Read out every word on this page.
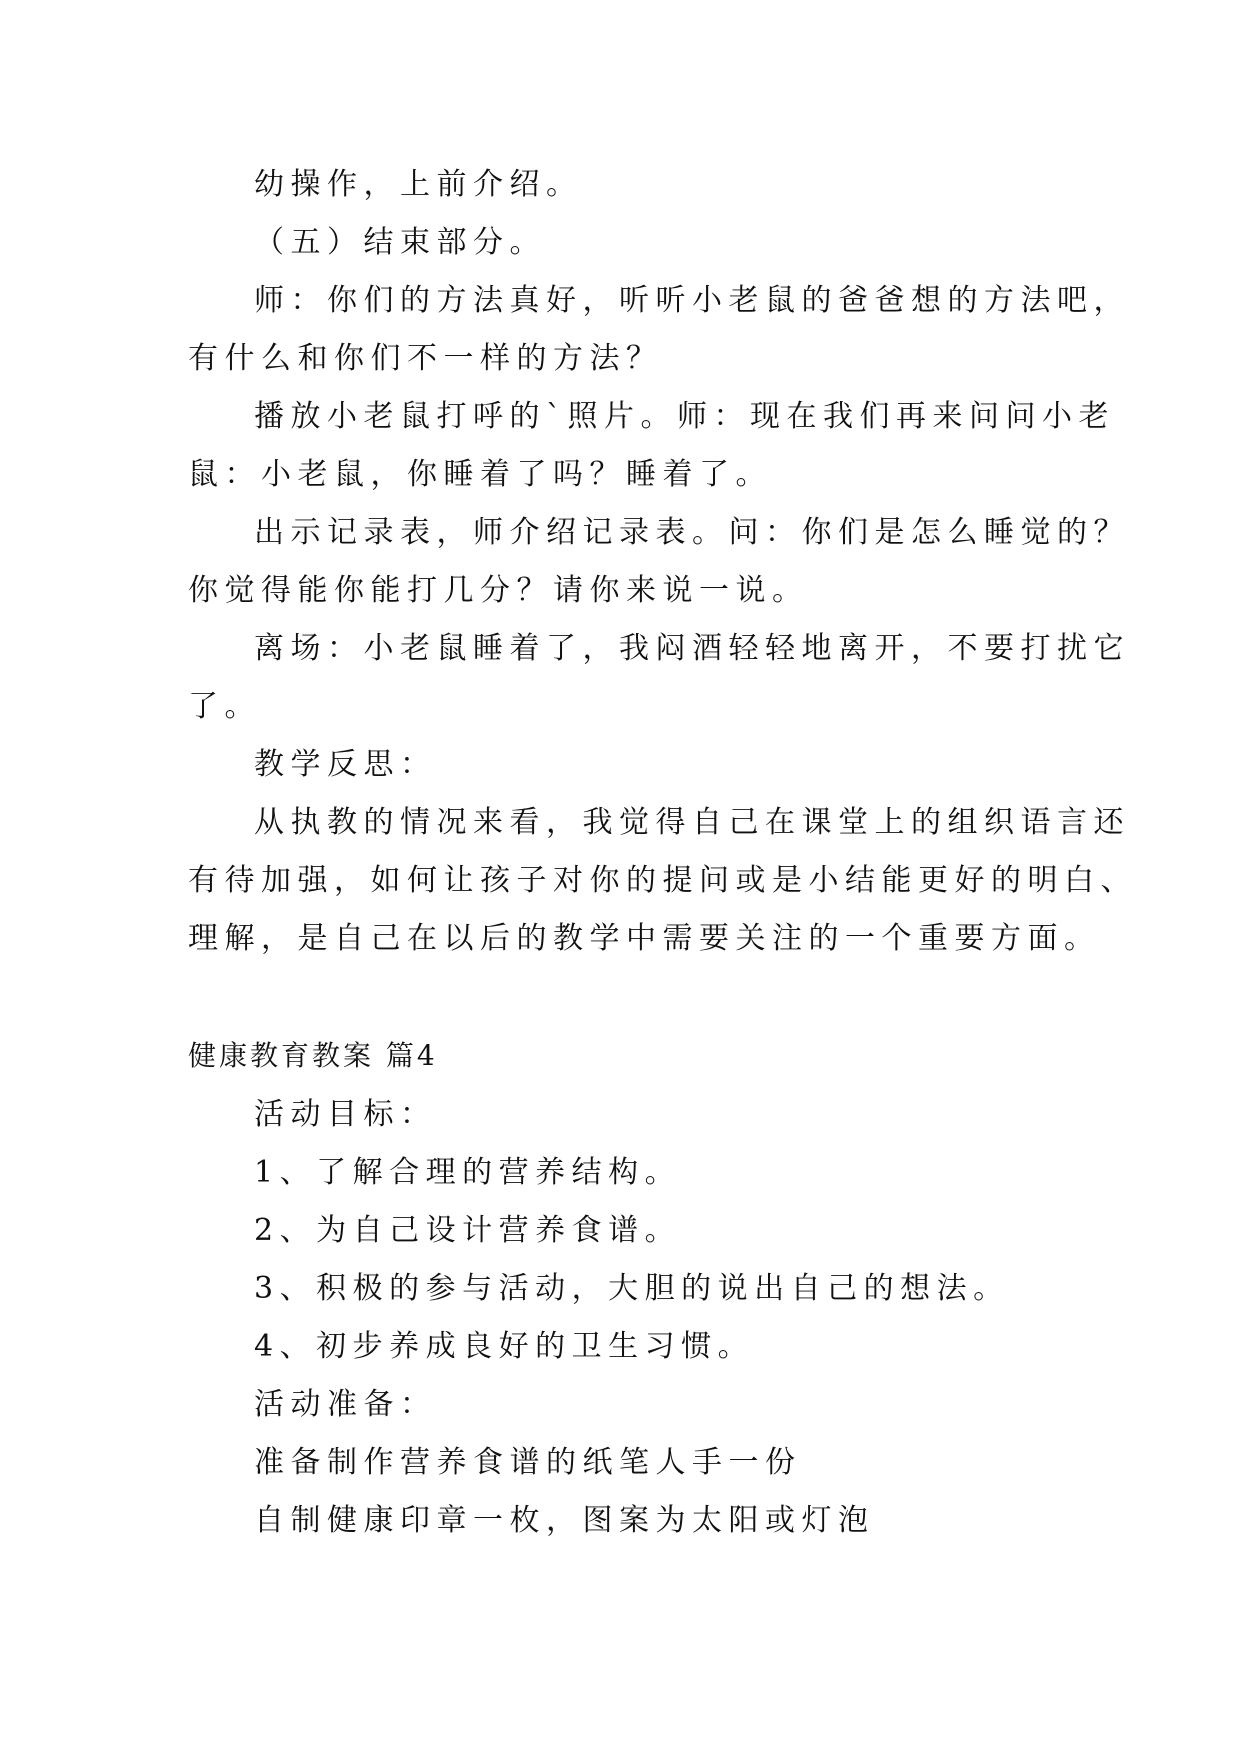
幼操作，上前介绍。
（五）结束部分。
师：你们的方法真好，听听小老鼠的爸爸想的方法吧，
有什么和你们不一样的方法？
播放小老鼠打呼的`照片。师：现在我们再来问问小老
鼠：小老鼠，你睡着了吗？睡着了。
出示记录表，师介绍记录表。问：你们是怎么睡觉的？
你觉得能你能打几分？请你来说一说。
离场：小老鼠睡着了，我闷酒轻轻地离开，不要打扰它
了。
教学反思：
从执教的情况来看，我觉得自己在课堂上的组织语言还
有待加强，如何让孩子对你的提问或是小结能更好的明白、
理解，是自己在以后的教学中需要关注的一个重要方面。
健康教育教案 篇4
活动目标：
1、了解合理的营养结构。
2、为自己设计营养食谱。
3、积极的参与活动，大胆的说出自己的想法。
4、初步养成良好的卫生习惯。
活动准备：
准备制作营养食谱的纸笔人手一份
自制健康印章一枚，图案为太阳或灯泡
